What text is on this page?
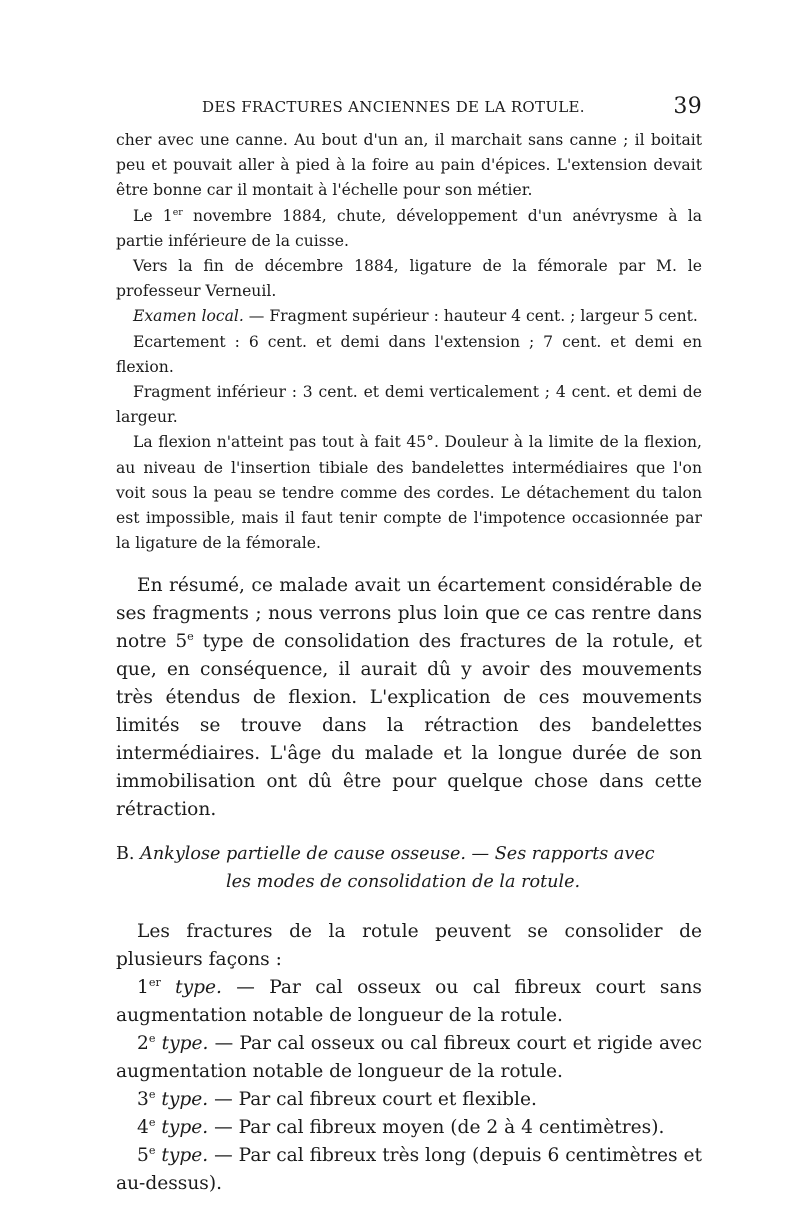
DES FRACTURES ANCIENNES DE LA ROTULE.	39

cher avec une canne. Au bout d'un an, il marchait sans canne ; il boitait peu et pouvait aller à pied à la foire au pain d'épices. L'extension devait être bonne car il montait à l'échelle pour son métier.

Le 1er novembre 1884, chute, développement d'un anévrysme à la partie inférieure de la cuisse.

Vers la fin de décembre 1884, ligature de la fémorale par M. le professeur Verneuil.

Examen local. — Fragment supérieur : hauteur 4 cent. ; largeur 5 cent.

Ecartement : 6 cent. et demi dans l'extension ; 7 cent. et demi en flexion.

Fragment inférieur : 3 cent. et demi verticalement ; 4 cent. et demi de largeur.

La flexion n'atteint pas tout à fait 45°. Douleur à la limite de la flexion, au niveau de l'insertion tibiale des bandelettes intermédiaires que l'on voit sous la peau se tendre comme des cordes. Le détachement du talon est impossible, mais il faut tenir compte de l'impotence occasionnée par la ligature de la fémorale.

En résumé, ce malade avait un écartement considérable de ses fragments ; nous verrons plus loin que ce cas rentre dans notre 5e type de consolidation des fractures de la rotule, et que, en conséquence, il aurait dû y avoir des mouvements très étendus de flexion. L'explication de ces mouvements limités se trouve dans la rétraction des bandelettes intermédiaires. L'âge du malade et la longue durée de son immobilisation ont dû être pour quelque chose dans cette rétraction.

B. Ankylose partielle de cause osseuse. — Ses rapports avec
les modes de consolidation de la rotule.

Les fractures de la rotule peuvent se consolider de plusieurs façons :

1er type. — Par cal osseux ou cal fibreux court sans augmentation notable de longueur de la rotule.

2e type. — Par cal osseux ou cal fibreux court et rigide avec augmentation notable de longueur de la rotule.

3e type. — Par cal fibreux court et flexible.

4e type. — Par cal fibreux moyen (de 2 à 4 centimètres).

5e type. — Par cal fibreux très long (depuis 6 centimètres et au-dessus).
